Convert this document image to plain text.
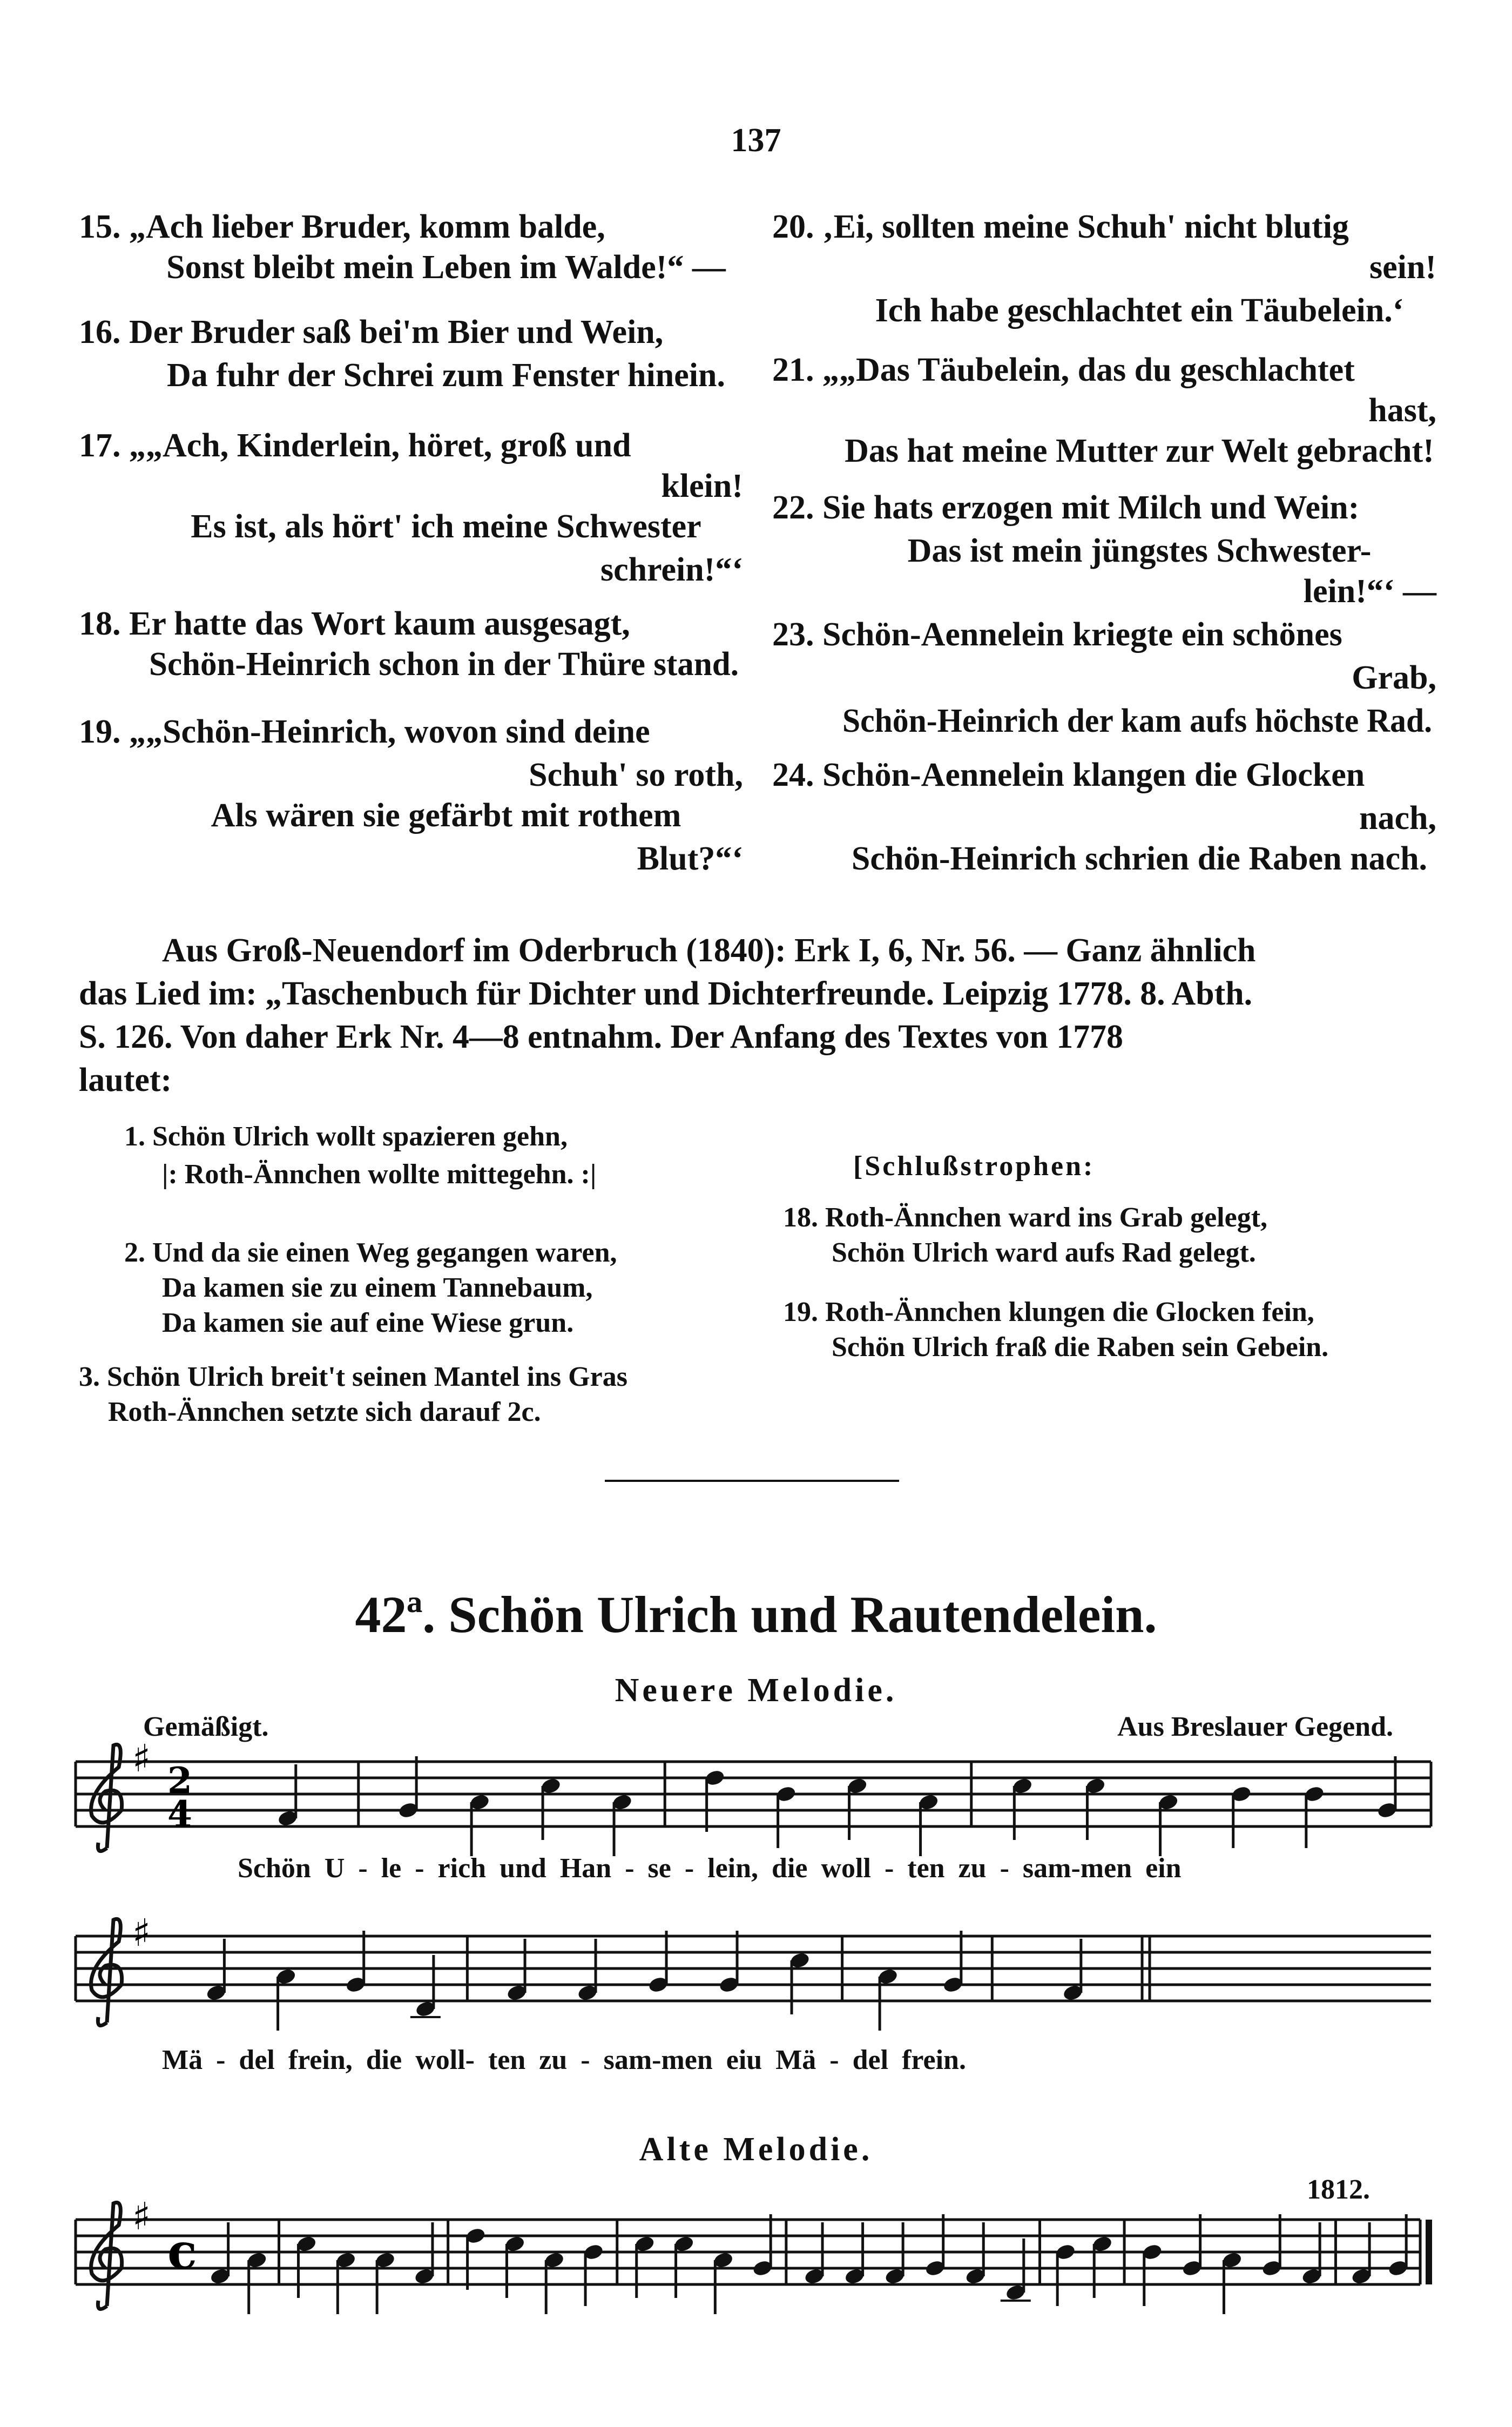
137
15. „Ach lieber Bruder, komm balde,
Sonst bleibt mein Leben im Walde!“ —
16. Der Bruder saß bei'm Bier und Wein,
Da fuhr der Schrei zum Fenster hinein.
17. „„Ach, Kinderlein, höret, groß und
klein!
Es ist, als hört' ich meine Schwester
schrein!“‘
18. Er hatte das Wort kaum ausgesagt,
Schön-Heinrich schon in der Thüre stand.
19. „„Schön-Heinrich, wovon sind deine
Schuh' so roth,
Als wären sie gefärbt mit rothem
Blut?“‘
20. ‚Ei, sollten meine Schuh' nicht blutig
sein!
Ich habe geschlachtet ein Täubelein.‘
21. „„Das Täubelein, das du geschlachtet
hast,
Das hat meine Mutter zur Welt gebracht!
22. Sie hats erzogen mit Milch und Wein:
Das ist mein jüngstes Schwester-
lein!“‘ —
23. Schön-Aennelein kriegte ein schönes
Grab,
Schön-Heinrich der kam aufs höchste Rad.
24. Schön-Aennelein klangen die Glocken
nach,
Schön-Heinrich schrien die Raben nach.
Aus Groß-Neuendorf im Oderbruch (1840): Erk I, 6, Nr. 56. — Ganz ähnlich
das Lied im: „Taschenbuch für Dichter und Dichterfreunde. Leipzig 1778. 8. Abth.
S. 126. Von daher Erk Nr. 4—8 entnahm. Der Anfang des Textes von 1778
lautet:
1. Schön Ulrich wollt spazieren gehn,
|: Roth-Ännchen wollte mittegehn. :|
2. Und da sie einen Weg gegangen waren,
Da kamen sie zu einem Tannebaum,
Da kamen sie auf eine Wiese grun.
3. Schön Ulrich breit't seinen Mantel ins Gras
Roth-Ännchen setzte sich darauf 2c.
[Schlußstrophen:
18. Roth-Ännchen ward ins Grab gelegt,
Schön Ulrich ward aufs Rad gelegt.
19. Roth-Ännchen klungen die Glocken fein,
Schön Ulrich fraß die Raben sein Gebein.
42ª. Schön Ulrich und Rautendelein.
Neuere Melodie.
Gemäßigt.	Aus Breslauer Gegend.
Schön U - le - rich und Han - se - lein, die woll - ten zu - sam-men ein
Mä - del frein, die woll- ten zu - sam-men eiu Mä - del frein.
Alte Melodie.
1812.
♯ 2
4
♯
♯
c
